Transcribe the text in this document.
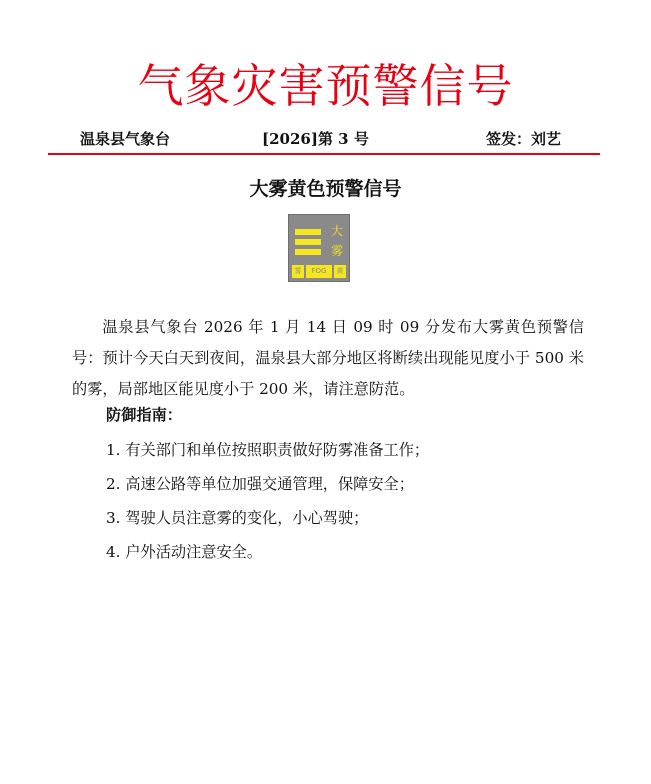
气象灾害预警信号
温泉县气象台	[2026]第 3 号	签发：刘艺
大雾黄色预警信号
大
雾
雾	FOG	黄

温泉县气象台 2026 年 1 月 14 日 09 时 09 分发布大雾黄色预警信号：预计今天白天到夜间，温泉县大部分地区将断续出现能见度小于 500 米的雾，局部地区能见度小于 200 米，请注意防范。

防御指南：
1. 有关部门和单位按照职责做好防雾准备工作；
2. 高速公路等单位加强交通管理，保障安全；
3. 驾驶人员注意雾的变化，小心驾驶；
4. 户外活动注意安全。
